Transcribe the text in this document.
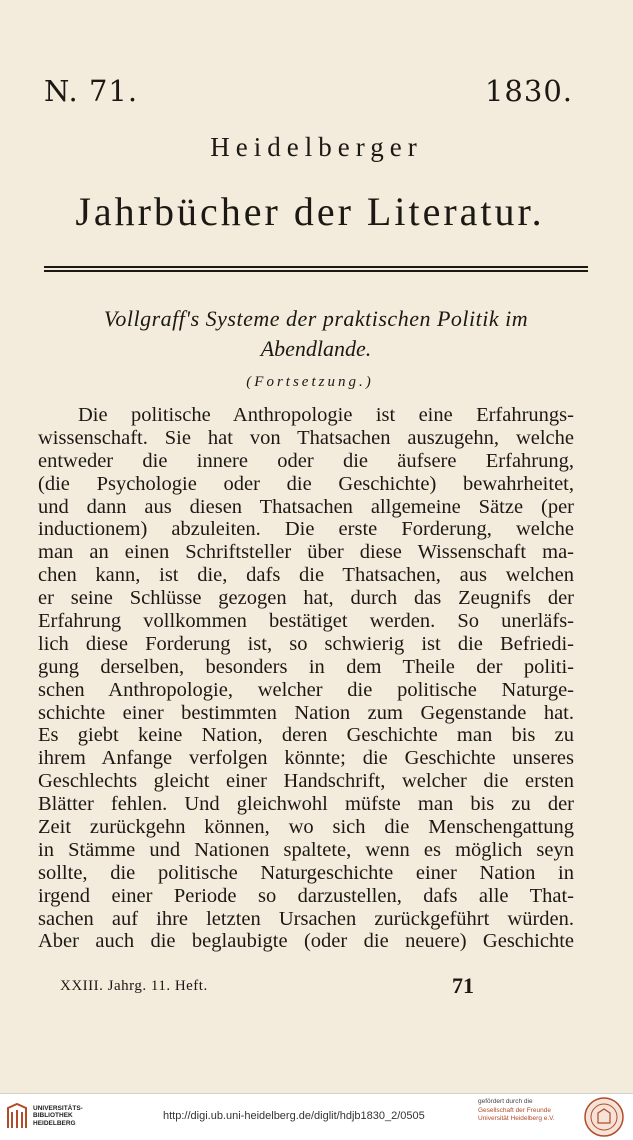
N. 71.	1830.
Heidelberger
Jahrbücher der Literatur.
Vollgraff's Systeme der praktischen Politik im
Abendlande.
(Fortsetzung.)
Die politische Anthropologie ist eine Erfahrungs-
wissenschaft. Sie hat von Thatsachen auszugehn, welche
entweder die innere oder die äufsere Erfahrung,
(die Psychologie oder die Geschichte) bewahrheitet,
und dann aus diesen Thatsachen allgemeine Sätze (per
inductionem) abzuleiten. Die erste Forderung, welche
man an einen Schriftsteller über diese Wissenschaft ma-
chen kann, ist die, dafs die Thatsachen, aus welchen
er seine Schlüsse gezogen hat, durch das Zeugnifs der
Erfahrung vollkommen bestätiget werden. So unerläfs-
lich diese Forderung ist, so schwierig ist die Befriedi-
gung derselben, besonders in dem Theile der politi-
schen Anthropologie, welcher die politische Naturge-
schichte einer bestimmten Nation zum Gegenstande hat.
Es giebt keine Nation, deren Geschichte man bis zu
ihrem Anfange verfolgen könnte; die Geschichte unseres
Geschlechts gleicht einer Handschrift, welcher die ersten
Blätter fehlen. Und gleichwohl müfste man bis zu der
Zeit zurückgehn können, wo sich die Menschengattung
in Stämme und Nationen spaltete, wenn es möglich seyn
sollte, die politische Naturgeschichte einer Nation in
irgend einer Periode so darzustellen, dafs alle That-
sachen auf ihre letzten Ursachen zurückgeführt würden.
Aber auch die beglaubigte (oder die neuere) Geschichte
XXIII. Jahrg. 11. Heft.	71
UNIVERSITÄTS-
BIBLIOTHEK
HEIDELBERG
http://digi.ub.uni-heidelberg.de/diglit/hdjb1830_2/0505
gefördert durch die
Gesellschaft der Freunde
Universität Heidelberg e.V.
